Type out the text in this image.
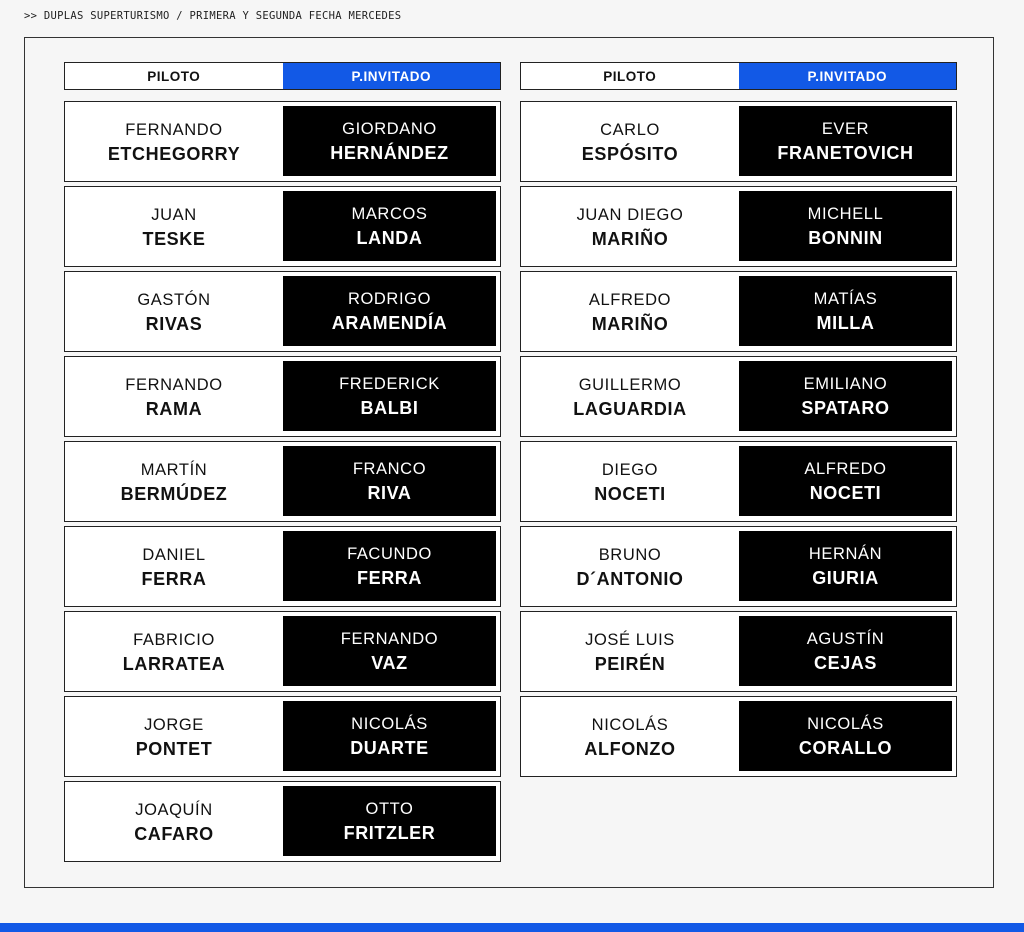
>> DUPLAS SUPERTURISMO / PRIMERA Y SEGUNDA FECHA MERCEDES
PILOTO	P.INVITADO
FERNANDO
ETCHEGORRY
GIORDANO
HERNÁNDEZ
JUAN
TESKE
MARCOS
LANDA
GASTÓN
RIVAS
RODRIGO
ARAMENDÍA
FERNANDO
RAMA
FREDERICK
BALBI
MARTÍN
BERMÚDEZ
FRANCO
RIVA
DANIEL
FERRA
FACUNDO
FERRA
FABRICIO
LARRATEA
FERNANDO
VAZ
JORGE
PONTET
NICOLÁS
DUARTE
JOAQUÍN
CAFARO
OTTO
FRITZLER
PILOTO	P.INVITADO
CARLO
ESPÓSITO
EVER
FRANETOVICH
JUAN DIEGO
MARIÑO
MICHELL
BONNIN
ALFREDO
MARIÑO
MATÍAS
MILLA
GUILLERMO
LAGUARDIA
EMILIANO
SPATARO
DIEGO
NOCETI
ALFREDO
NOCETI
BRUNO
D´ANTONIO
HERNÁN
GIURIA
JOSÉ LUIS
PEIRÉN
AGUSTÍN
CEJAS
NICOLÁS
ALFONZO
NICOLÁS
CORALLO
